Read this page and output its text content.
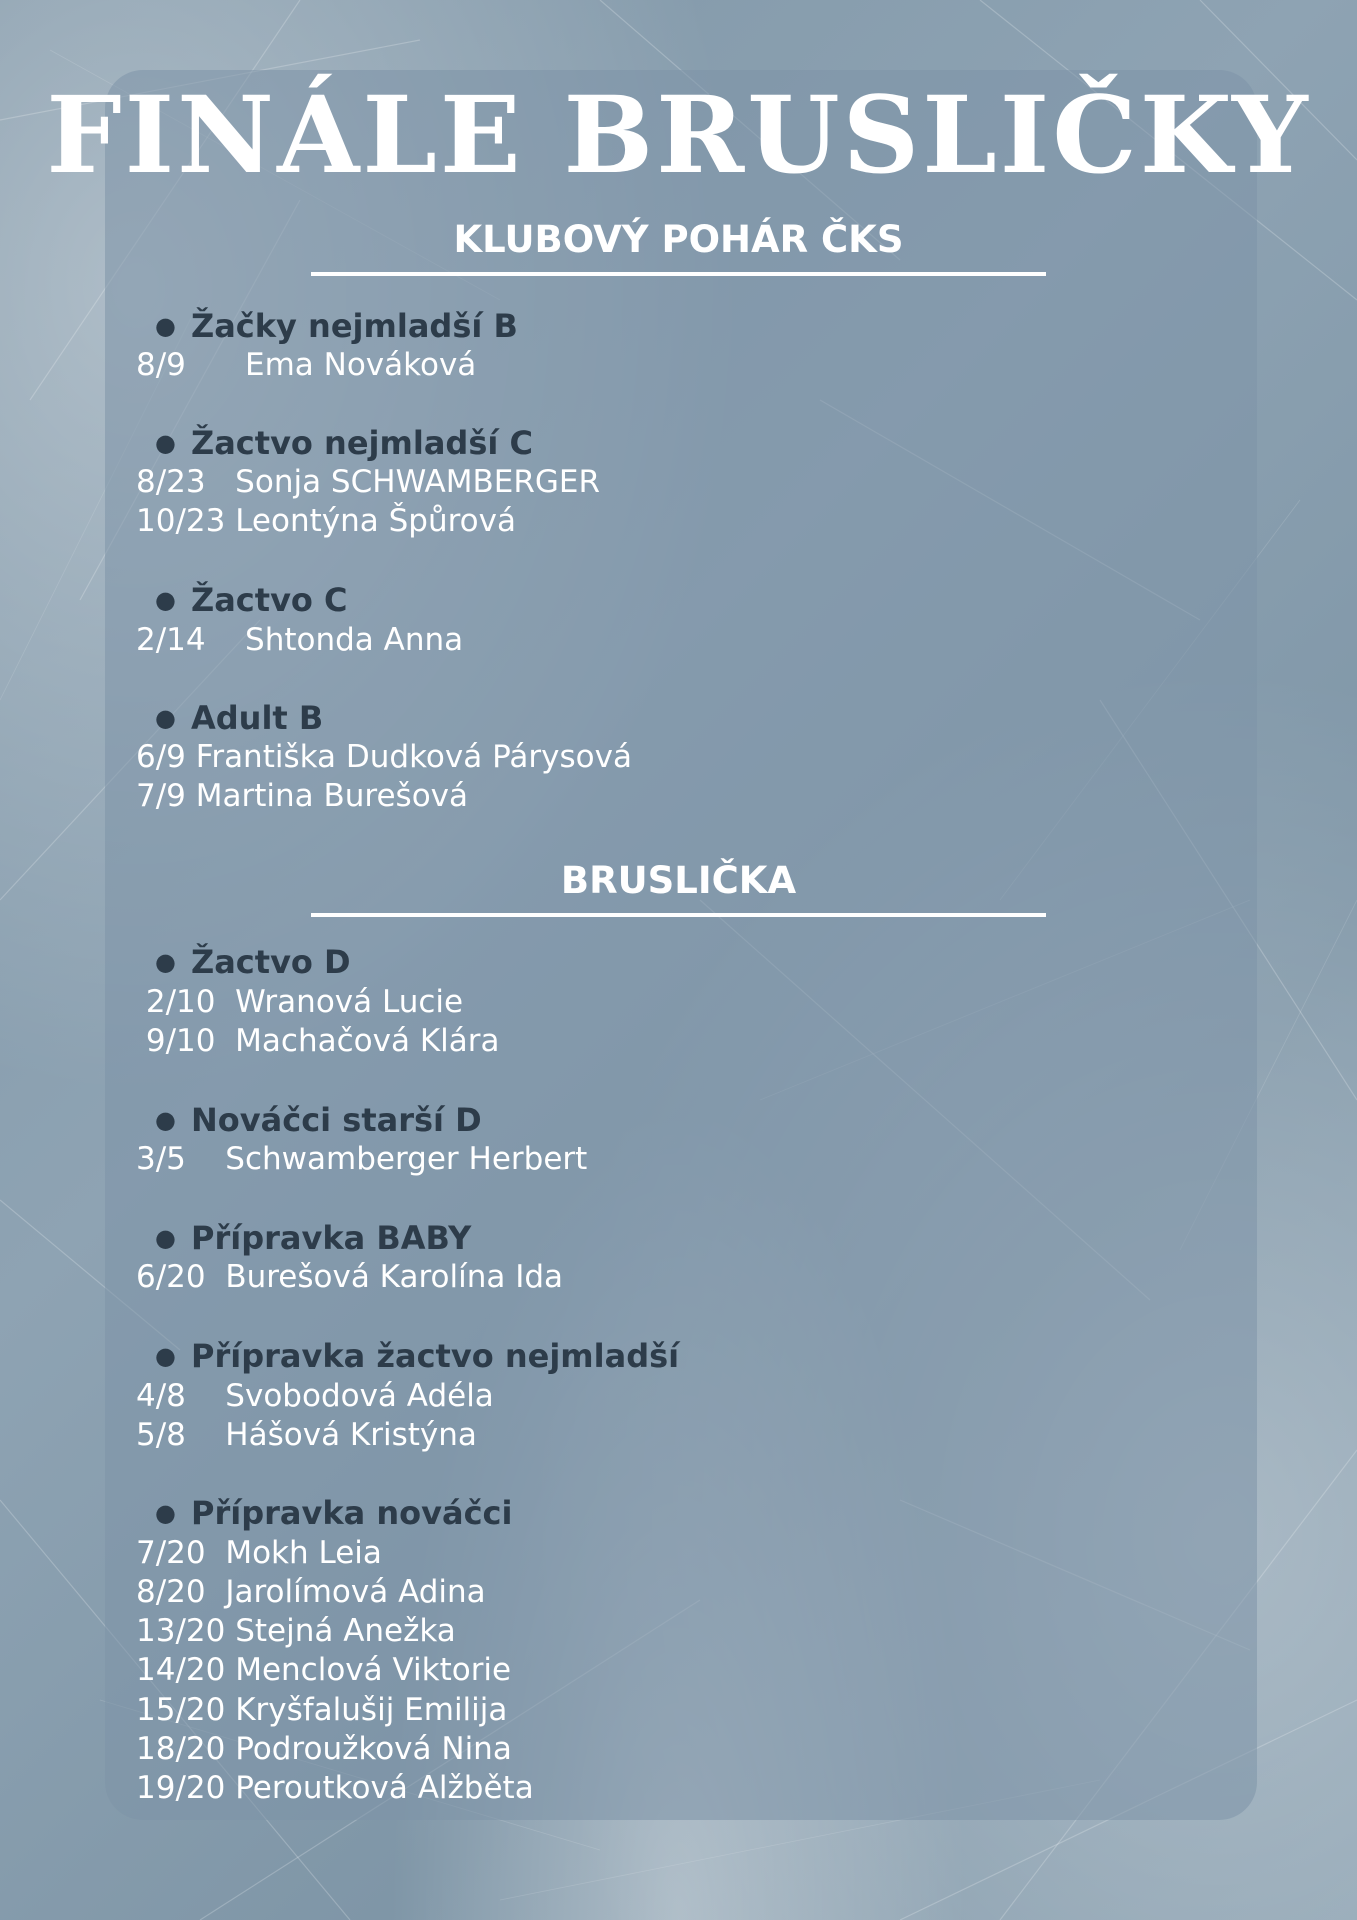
FINÁLE BRUSLIČKY
KLUBOVÝ POHÁR ČKS
● Žačky nejmladší B
8/9      Ema Nováková
● Žactvo nejmladší C
8/23   Sonja SCHWAMBERGER
10/23 Leontýna Špůrová
● Žactvo C
2/14    Shtonda Anna
● Adult B
6/9 Františka Dudková Párysová
7/9 Martina Burešová
BRUSLIČKA
● Žactvo D
2/10  Wranová Lucie
9/10  Machačová Klára
● Nováčci starší D
3/5    Schwamberger Herbert
● Přípravka BABY
6/20  Burešová Karolína Ida
● Přípravka žactvo nejmladší
4/8    Svobodová Adéla
5/8    Hášová Kristýna
● Přípravka nováčci
7/20  Mokh Leia
8/20  Jarolímová Adina
13/20 Stejná Anežka
14/20 Menclová Viktorie
15/20 Kryšfalušij Emilija
18/20 Podroužková Nina
19/20 Peroutková Alžběta
